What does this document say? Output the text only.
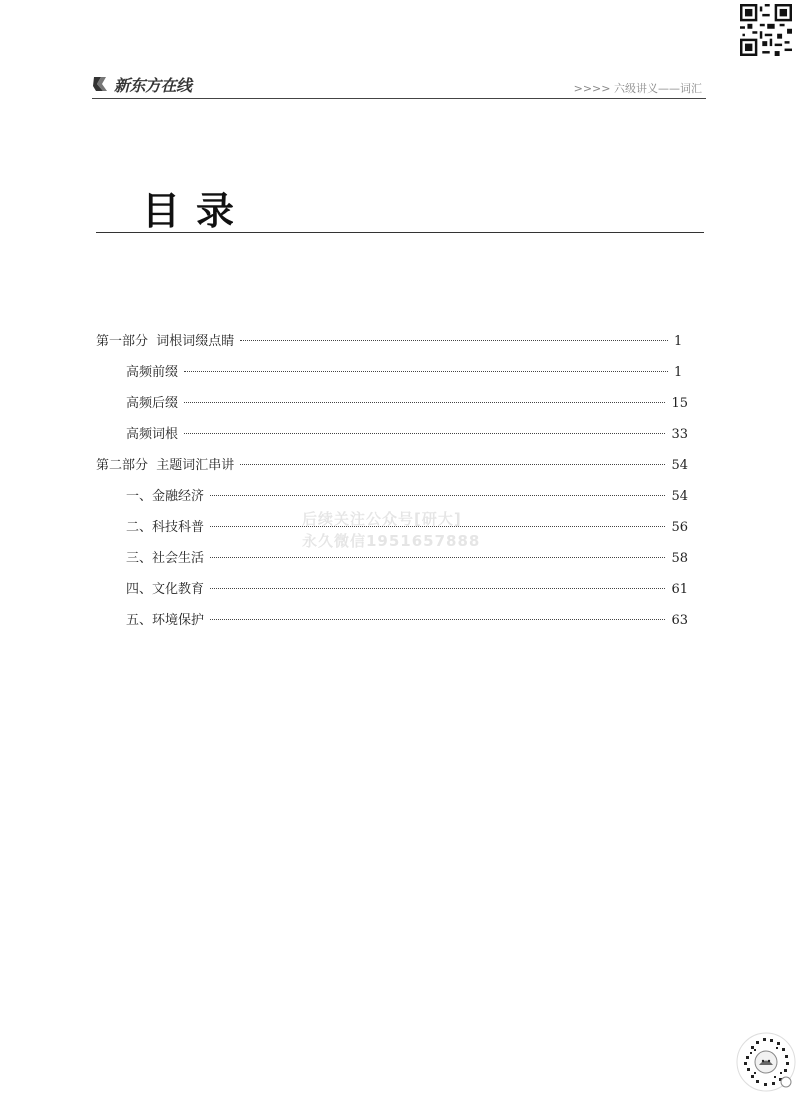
新东方在线	>>>> 六级讲义——词汇
目录
第一部分  词根词缀点睛	1
高频前缀	1
高频后缀	15
高频词根	33
第二部分  主题词汇串讲	54
一、金融经济	54
二、科技科普	56
三、社会生活	58
四、文化教育	61
五、环境保护	63
后续关注公众号[研大]
永久微信1951657888
